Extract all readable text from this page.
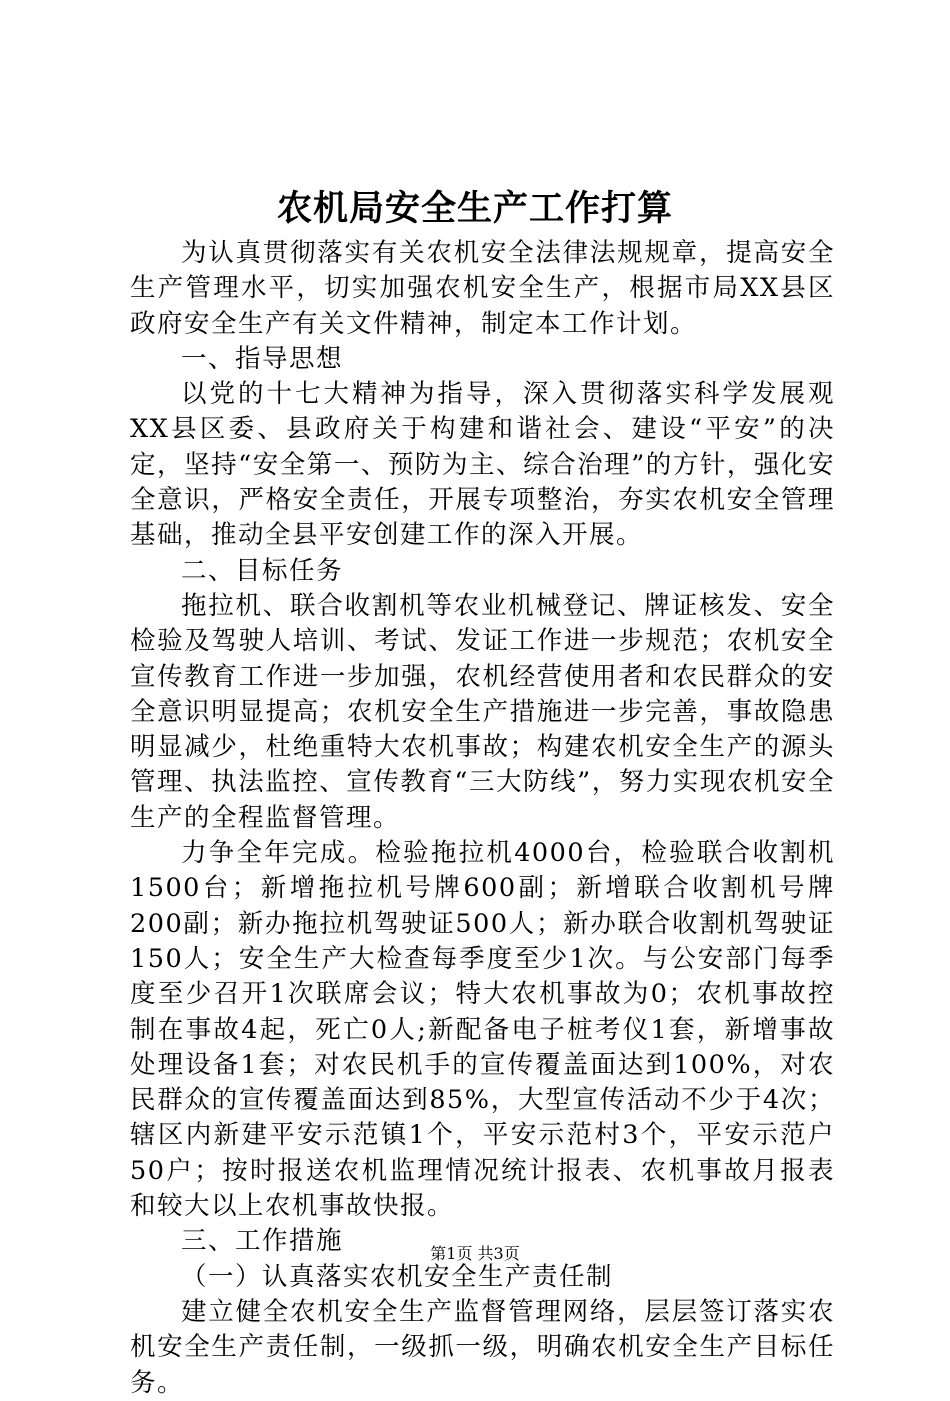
农机局安全生产工作打算

为认真贯彻落实有关农机安全法律法规规章，提高安全生产管理水平，切实加强农机安全生产，根据市局XX县区政府安全生产有关文件精神，制定本工作计划。

一、指导思想

以党的十七大精神为指导，深入贯彻落实科学发展观XX县区委、县政府关于构建和谐社会、建设“平安”的决定，坚持“安全第一、预防为主、综合治理”的方针，强化安全意识，严格安全责任，开展专项整治，夯实农机安全管理基础，推动全县平安创建工作的深入开展。

二、目标任务

拖拉机、联合收割机等农业机械登记、牌证核发、安全检验及驾驶人培训、考试、发证工作进一步规范；农机安全宣传教育工作进一步加强，农机经营使用者和农民群众的安全意识明显提高；农机安全生产措施进一步完善，事故隐患明显减少，杜绝重特大农机事故；构建农机安全生产的源头管理、执法监控、宣传教育“三大防线”，努力实现农机安全生产的全程监督管理。

力争全年完成。检验拖拉机4000台，检验联合收割机1500台；新增拖拉机号牌600副；新增联合收割机号牌200副；新办拖拉机驾驶证500人；新办联合收割机驾驶证150人；安全生产大检查每季度至少1次。与公安部门每季度至少召开1次联席会议；特大农机事故为0；农机事故控制在事故4起，死亡0人;新配备电子桩考仪1套，新增事故处理设备1套；对农民机手的宣传覆盖面达到100%，对农民群众的宣传覆盖面达到85%，大型宣传活动不少于4次；辖区内新建平安示范镇1个，平安示范村3个，平安示范户50户；按时报送农机监理情况统计报表、农机事故月报表和较大以上农机事故快报。

三、工作措施

（一）认真落实农机安全生产责任制

建立健全农机安全生产监督管理网络，层层签订落实农机安全生产责任制，一级抓一级，明确农机安全生产目标任务。

第1页 共3页
